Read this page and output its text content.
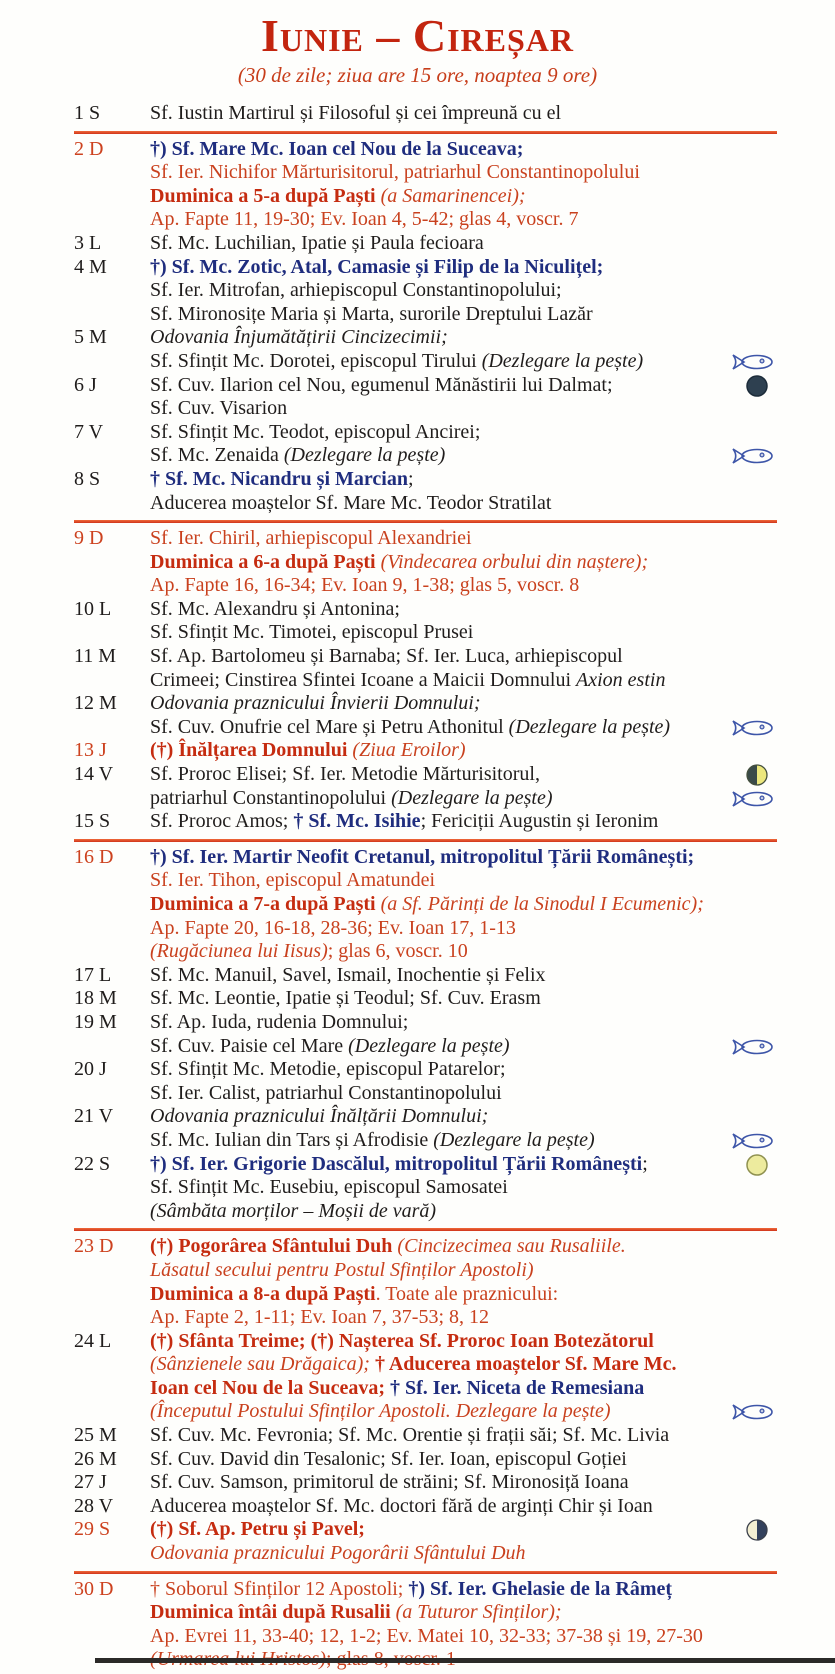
Iunie – Cireșar
(30 de zile; ziua are 15 ore, noaptea 9 ore)
1 S	Sf. Iustin Martirul și Filosoful și cei împreună cu el
2 D	†) Sf. Mare Mc. Ioan cel Nou de la Suceava;
Sf. Ier. Nichifor Mărturisitorul, patriarhul Constantinopolului
Duminica a 5-a după Paști (a Samarinencei);
Ap. Fapte 11, 19-30; Ev. Ioan 4, 5-42; glas 4, voscr. 7
3 L	Sf. Mc. Luchilian, Ipatie și Paula fecioara
4 M	†) Sf. Mc. Zotic, Atal, Camasie și Filip de la Niculițel;
Sf. Ier. Mitrofan, arhiepiscopul Constantinopolului;
Sf. Mironosițe Maria și Marta, surorile Dreptului Lazăr
5 M	Odovania Înjumătățirii Cincizecimii;
Sf. Sfințit Mc. Dorotei, episcopul Tirului (Dezlegare la pește)
6 J	Sf. Cuv. Ilarion cel Nou, egumenul Mănăstirii lui Dalmat;
Sf. Cuv. Visarion
7 V	Sf. Sfințit Mc. Teodot, episcopul Ancirei;
Sf. Mc. Zenaida (Dezlegare la pește)
8 S	† Sf. Mc. Nicandru și Marcian;
Aducerea moaștelor Sf. Mare Mc. Teodor Stratilat
9 D	Sf. Ier. Chiril, arhiepiscopul Alexandriei
Duminica a 6-a după Paști (Vindecarea orbului din naștere);
Ap. Fapte 16, 16-34; Ev. Ioan 9, 1-38; glas 5, voscr. 8
10 L	Sf. Mc. Alexandru și Antonina;
Sf. Sfințit Mc. Timotei, episcopul Prusei
11 M	Sf. Ap. Bartolomeu și Barnaba; Sf. Ier. Luca, arhiepiscopul
Crimeei; Cinstirea Sfintei Icoane a Maicii Domnului Axion estin
12 M	Odovania praznicului Învierii Domnului;
Sf. Cuv. Onufrie cel Mare și Petru Athonitul (Dezlegare la pește)
13 J	(†) Înălțarea Domnului (Ziua Eroilor)
14 V	Sf. Proroc Elisei; Sf. Ier. Metodie Mărturisitorul,
patriarhul Constantinopolului (Dezlegare la pește)
15 S	Sf. Proroc Amos; † Sf. Mc. Isihie; Fericiții Augustin și Ieronim
16 D	†) Sf. Ier. Martir Neofit Cretanul, mitropolitul Țării Românești;
Sf. Ier. Tihon, episcopul Amatundei
Duminica a 7-a după Paști (a Sf. Părinți de la Sinodul I Ecumenic);
Ap. Fapte 20, 16-18, 28-36; Ev. Ioan 17, 1-13
(Rugăciunea lui Iisus); glas 6, voscr. 10
17 L	Sf. Mc. Manuil, Savel, Ismail, Inochentie și Felix
18 M	Sf. Mc. Leontie, Ipatie și Teodul; Sf. Cuv. Erasm
19 M	Sf. Ap. Iuda, rudenia Domnului;
Sf. Cuv. Paisie cel Mare (Dezlegare la pește)
20 J	Sf. Sfințit Mc. Metodie, episcopul Patarelor;
Sf. Ier. Calist, patriarhul Constantinopolului
21 V	Odovania praznicului Înălțării Domnului;
Sf. Mc. Iulian din Tars și Afrodisie (Dezlegare la pește)
22 S	†) Sf. Ier. Grigorie Dascălul, mitropolitul Țării Românești;
Sf. Sfințit Mc. Eusebiu, episcopul Samosatei
(Sâmbăta morților – Moșii de vară)
23 D	(†) Pogorârea Sfântului Duh (Cincizecimea sau Rusaliile.
Lăsatul secului pentru Postul Sfinților Apostoli)
Duminica a 8-a după Paști. Toate ale praznicului:
Ap. Fapte 2, 1-11; Ev. Ioan 7, 37-53; 8, 12
24 L	(†) Sfânta Treime; (†) Nașterea Sf. Proroc Ioan Botezătorul
(Sânzienele sau Drăgaica); † Aducerea moaștelor Sf. Mare Mc.
Ioan cel Nou de la Suceava; † Sf. Ier. Niceta de Remesiana
(Începutul Postului Sfinților Apostoli. Dezlegare la pește)
25 M	Sf. Cuv. Mc. Fevronia; Sf. Mc. Orentie și frații săi; Sf. Mc. Livia
26 M	Sf. Cuv. David din Tesalonic; Sf. Ier. Ioan, episcopul Goției
27 J	Sf. Cuv. Samson, primitorul de străini; Sf. Mironosiță Ioana
28 V	Aducerea moaștelor Sf. Mc. doctori fără de arginți Chir și Ioan
29 S	(†) Sf. Ap. Petru și Pavel;
Odovania praznicului Pogorârii Sfântului Duh
30 D	† Soborul Sfinților 12 Apostoli; †) Sf. Ier. Ghelasie de la Râmeț
Duminica întâi după Rusalii (a Tuturor Sfinților);
Ap. Evrei 11, 33-40; 12, 1-2; Ev. Matei 10, 32-33; 37-38 și 19, 27-30
